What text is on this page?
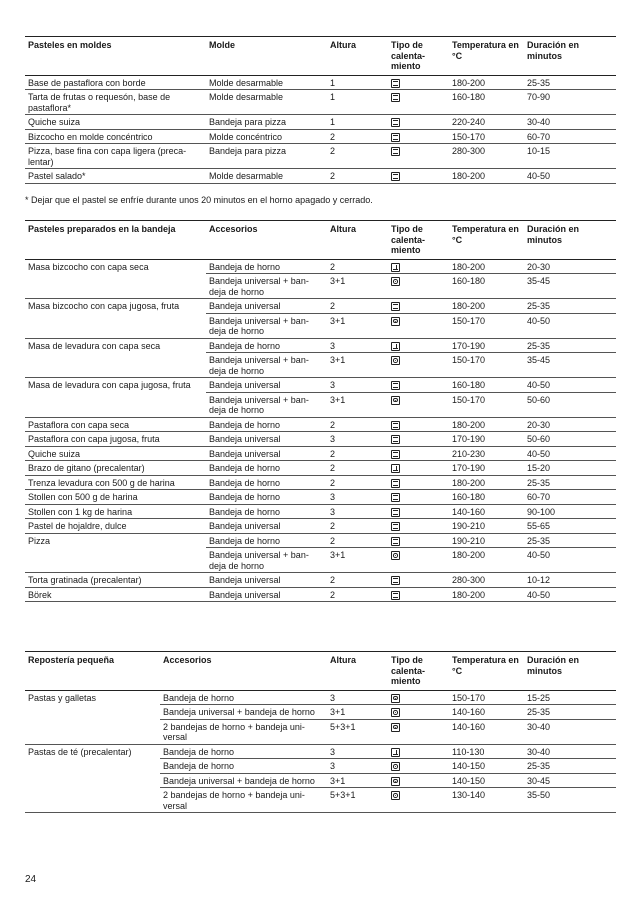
Pasteles en moldes	Molde	Altura	Tipo de calenta-miento	Temperatura en °C	Duración en minutos
Base de pastaflora con borde	Molde desarmable	1		180-200	25-35
Tarta de frutas o requesón, base de pastaflora*	Molde desarmable	1		160-180	70-90
Quiche suiza	Bandeja para pizza	1		220-240	30-40
Bizcocho en molde concéntrico	Molde concéntrico	2		150-170	60-70
Pizza, base fina con capa ligera (preca-lentar)	Bandeja para pizza	2		280-300	10-15
Pastel salado*	Molde desarmable	2		180-200	40-50
* Dejar que el pastel se enfríe durante unos 20 minutos en el horno apagado y cerrado.
Pasteles preparados en la bandeja	Accesorios	Altura	Tipo de calenta-miento	Temperatura en °C	Duración en minutos
Masa bizcocho con capa seca	Bandeja de horno	2		180-200	20-30
	Bandeja universal + ban-deja de horno	3+1		160-180	35-45
Masa bizcocho con capa jugosa, fruta	Bandeja universal	2		180-200	25-35
	Bandeja universal + ban-deja de horno	3+1		150-170	40-50
Masa de levadura con capa seca	Bandeja de horno	3		170-190	25-35
	Bandeja universal + ban-deja de horno	3+1		150-170	35-45
Masa de levadura con capa jugosa, fruta	Bandeja universal	3		160-180	40-50
	Bandeja universal + ban-deja de horno	3+1		150-170	50-60
Pastaflora con capa seca	Bandeja de horno	2		180-200	20-30
Pastaflora con capa jugosa, fruta	Bandeja universal	3		170-190	50-60
Quiche suiza	Bandeja universal	2		210-230	40-50
Brazo de gitano (precalentar)	Bandeja de horno	2		170-190	15-20
Trenza levadura con 500 g de harina	Bandeja de horno	2		180-200	25-35
Stollen con 500 g de harina	Bandeja de horno	3		160-180	60-70
Stollen con 1 kg de harina	Bandeja de horno	3		140-160	90-100
Pastel de hojaldre, dulce	Bandeja universal	2		190-210	55-65
Pizza	Bandeja de horno	2		190-210	25-35
	Bandeja universal + ban-deja de horno	3+1		180-200	40-50
Torta gratinada (precalentar)	Bandeja universal	2		280-300	10-12
Börek	Bandeja universal	2		180-200	40-50
Repostería pequeña	Accesorios	Altura	Tipo de calenta-miento	Temperatura en °C	Duración en minutos
Pastas y galletas	Bandeja de horno	3		150-170	15-25
	Bandeja universal + bandeja de horno	3+1		140-160	25-35
	2 bandejas de horno + bandeja uni-versal	5+3+1		140-160	30-40
Pastas de té (precalentar)	Bandeja de horno	3		110-130	30-40
	Bandeja de horno	3		140-150	25-35
	Bandeja universal + bandeja de horno	3+1		140-150	30-45
	2 bandejas de horno + bandeja uni-versal	5+3+1		130-140	35-50
24
